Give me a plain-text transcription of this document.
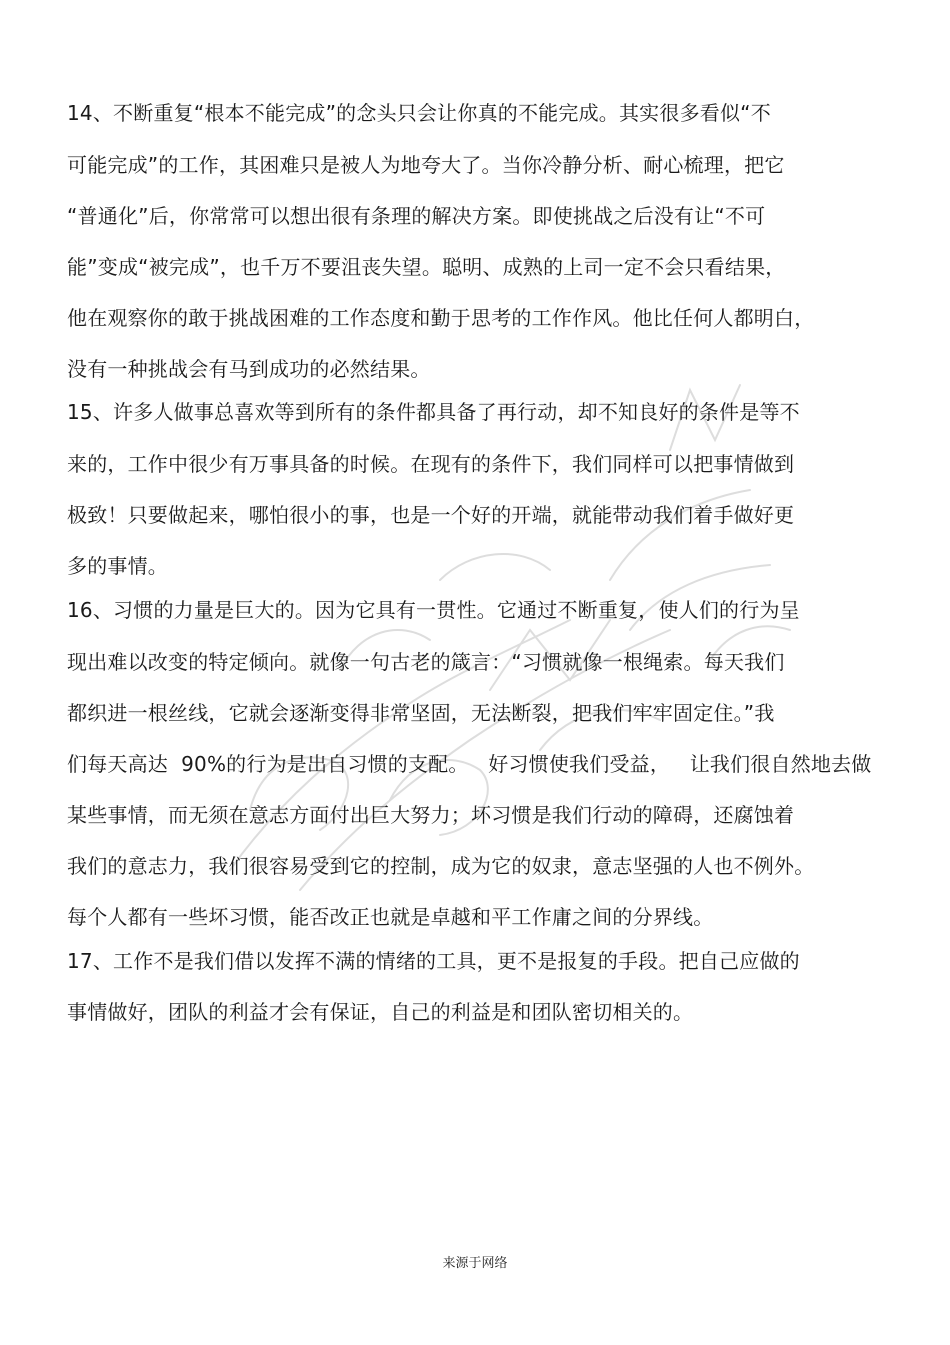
14、不断重复“根本不能完成”的念头只会让你真的不能完成。其实很多看似“不
可能完成”的工作，其困难只是被人为地夸大了。当你冷静分析、耐心梳理，把它
“普通化”后，你常常可以想出很有条理的解决方案。即使挑战之后没有让“不可
能”变成“被完成”，也千万不要沮丧失望。聪明、成熟的上司一定不会只看结果，
他在观察你的敢于挑战困难的工作态度和勤于思考的工作作风。他比任何人都明白，
没有一种挑战会有马到成功的必然结果。
15、许多人做事总喜欢等到所有的条件都具备了再行动，却不知良好的条件是等不
来的，工作中很少有万事具备的时候。在现有的条件下，我们同样可以把事情做到
极致！只要做起来，哪怕很小的事，也是一个好的开端，就能带动我们着手做好更
多的事情。
16、习惯的力量是巨大的。因为它具有一贯性。它通过不断重复，使人们的行为呈
现出难以改变的特定倾向。就像一句古老的箴言：“习惯就像一根绳索。每天我们
都织进一根丝线，它就会逐渐变得非常坚固，无法断裂，把我们牢牢固定住。”我
们每天高达  90%的行为是出自习惯的支配。   好习惯使我们受益，   让我们很自然地去做
某些事情，而无须在意志方面付出巨大努力；坏习惯是我们行动的障碍，还腐蚀着
我们的意志力，我们很容易受到它的控制，成为它的奴隶，意志坚强的人也不例外。
每个人都有一些坏习惯，能否改正也就是卓越和平工作庸之间的分界线。
17、工作不是我们借以发挥不满的情绪的工具，更不是报复的手段。把自己应做的
事情做好，团队的利益才会有保证，自己的利益是和团队密切相关的。
来源于网络
